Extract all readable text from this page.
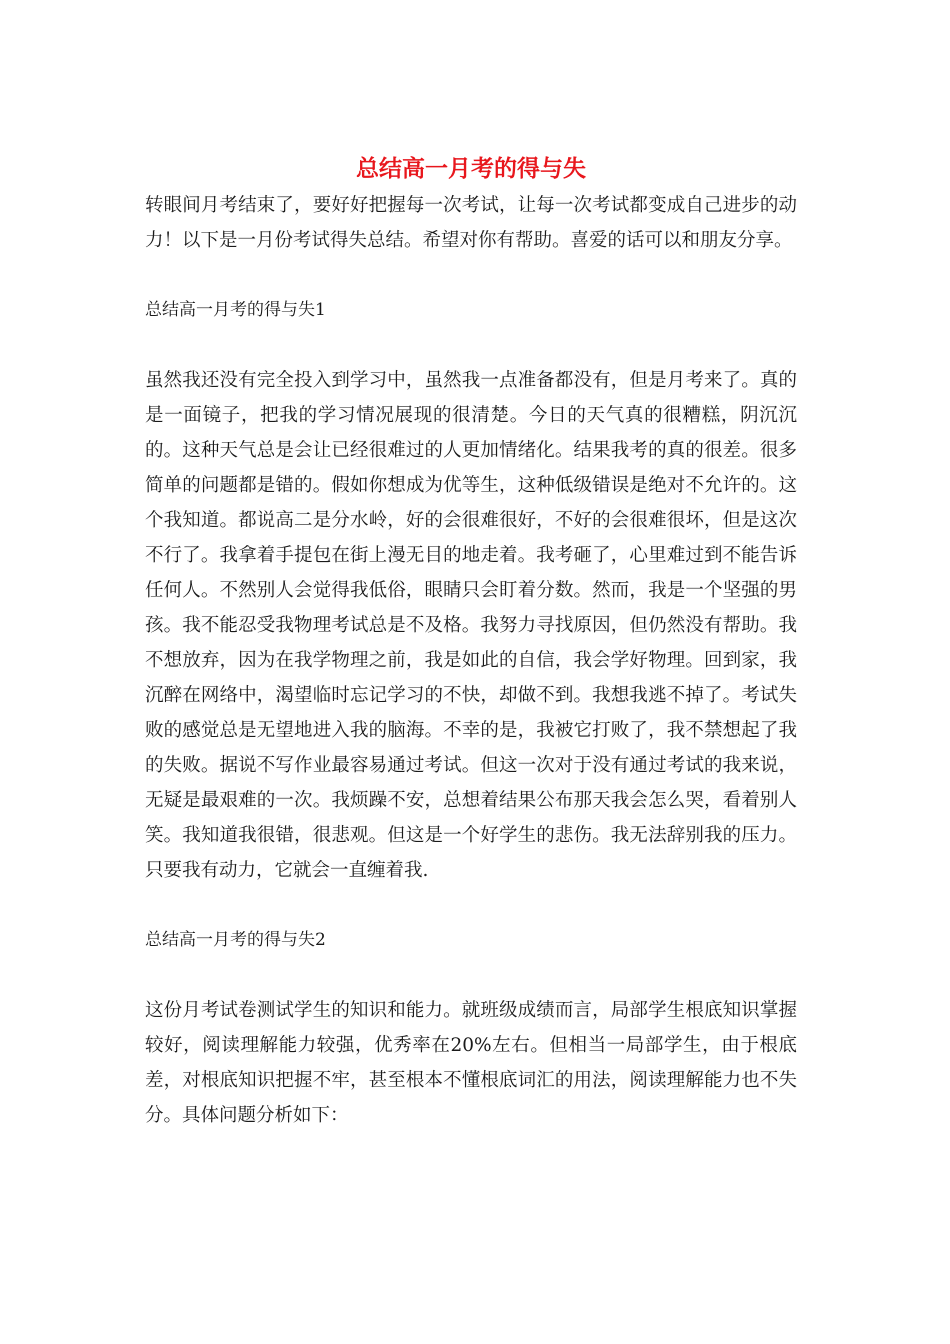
总结高一月考的得与失

转眼间月考结束了，要好好把握每一次考试，让每一次考试都变成自己进步的动力！以下是一月份考试得失总结。希望对你有帮助。喜爱的话可以和朋友分享。

总结高一月考的得与失1

虽然我还没有完全投入到学习中，虽然我一点准备都没有，但是月考来了。真的是一面镜子，把我的学习情况展现的很清楚。今日的天气真的很糟糕，阴沉沉的。这种天气总是会让已经很难过的人更加情绪化。结果我考的真的很差。很多简单的问题都是错的。假如你想成为优等生，这种低级错误是绝对不允许的。这个我知道。都说高二是分水岭，好的会很难很好，不好的会很难很坏，但是这次不行了。我拿着手提包在街上漫无目的地走着。我考砸了，心里难过到不能告诉任何人。不然别人会觉得我低俗，眼睛只会盯着分数。然而，我是一个坚强的男孩。我不能忍受我物理考试总是不及格。我努力寻找原因，但仍然没有帮助。我不想放弃，因为在我学物理之前，我是如此的自信，我会学好物理。回到家，我沉醉在网络中，渴望临时忘记学习的不快，却做不到。我想我逃不掉了。考试失败的感觉总是无望地进入我的脑海。不幸的是，我被它打败了，我不禁想起了我的失败。据说不写作业最容易通过考试。但这一次对于没有通过考试的我来说，无疑是最艰难的一次。我烦躁不安，总想着结果公布那天我会怎么哭，看着别人笑。我知道我很错，很悲观。但这是一个好学生的悲伤。我无法辞别我的压力。只要我有动力，它就会一直缠着我.

总结高一月考的得与失2

这份月考试卷测试学生的知识和能力。就班级成绩而言，局部学生根底知识掌握较好，阅读理解能力较强，优秀率在20%左右。但相当一局部学生，由于根底差，对根底知识把握不牢，甚至根本不懂根底词汇的用法，阅读理解能力也不失分。具体问题分析如下：
